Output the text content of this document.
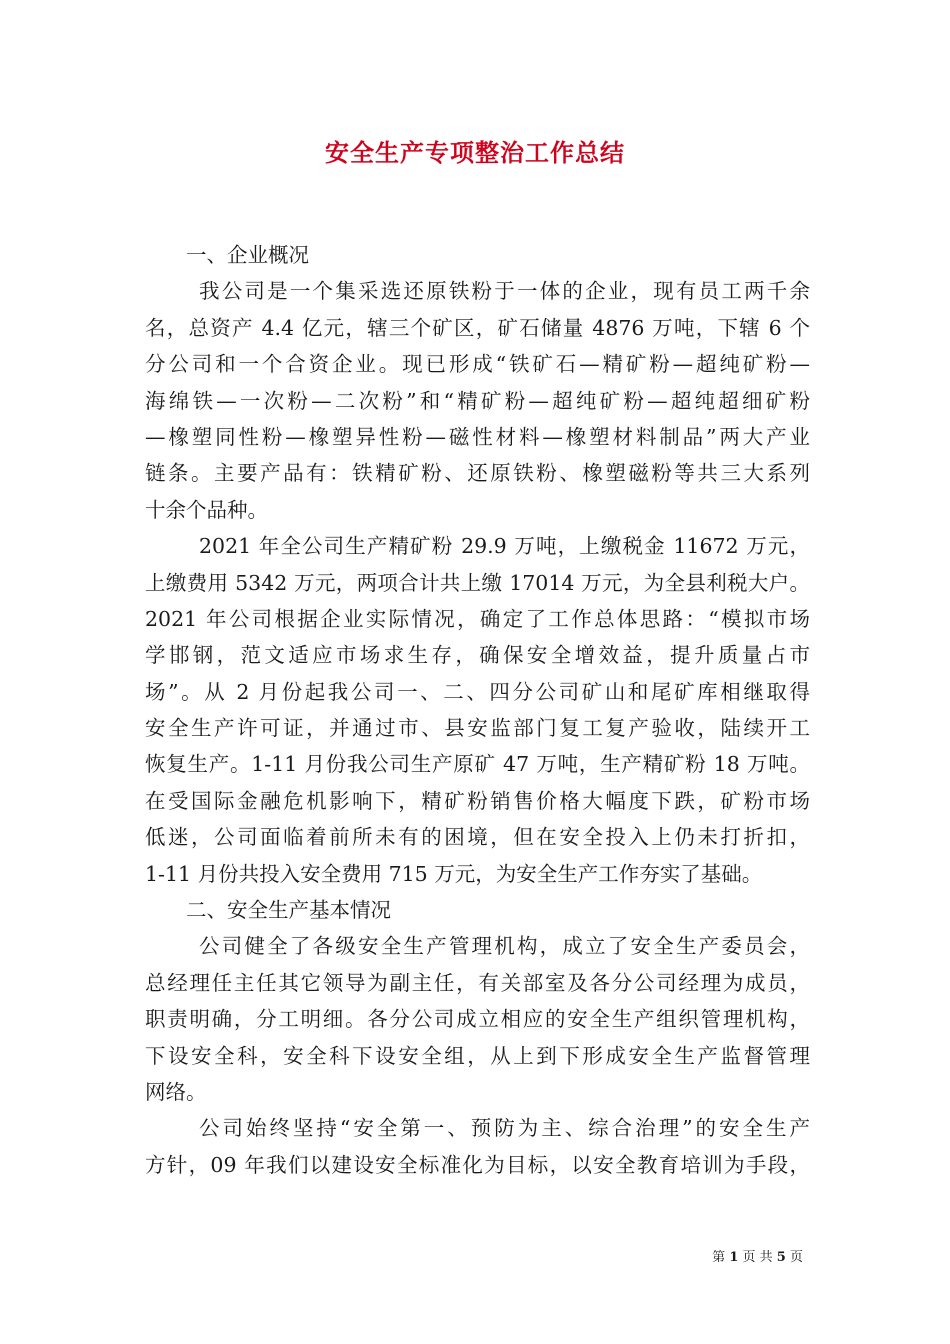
安全生产专项整治工作总结
一、企业概况
我公司是一个集采选还原铁粉于一体的企业，现有员工两千余
名，总资产 4.4 亿元，辖三个矿区，矿石储量 4876 万吨，下辖 6 个
分公司和一个合资企业。现已形成“铁矿石—精矿粉—超纯矿粉—
海绵铁—一次粉—二次粉”和“精矿粉—超纯矿粉—超纯超细矿粉
—橡塑同性粉—橡塑异性粉—磁性材料—橡塑材料制品”两大产业
链条。主要产品有：铁精矿粉、还原铁粉、橡塑磁粉等共三大系列
十余个品种。
2021 年全公司生产精矿粉 29.9 万吨，上缴税金 11672 万元，
上缴费用 5342 万元，两项合计共上缴 17014 万元，为全县利税大户。
2021 年公司根据企业实际情况，确定了工作总体思路：“模拟市场
学邯钢，范文适应市场求生存，确保安全增效益，提升质量占市
场”。从 2 月份起我公司一、二、四分公司矿山和尾矿库相继取得
安全生产许可证，并通过市、县安监部门复工复产验收，陆续开工
恢复生产。1-11 月份我公司生产原矿 47 万吨，生产精矿粉 18 万吨。
在受国际金融危机影响下，精矿粉销售价格大幅度下跌，矿粉市场
低迷，公司面临着前所未有的困境，但在安全投入上仍未打折扣，
1-11 月份共投入安全费用 715 万元，为安全生产工作夯实了基础。
二、安全生产基本情况
公司健全了各级安全生产管理机构，成立了安全生产委员会，
总经理任主任其它领导为副主任，有关部室及各分公司经理为成员，
职责明确，分工明细。各分公司成立相应的安全生产组织管理机构，
下设安全科，安全科下设安全组，从上到下形成安全生产监督管理
网络。
公司始终坚持“安全第一、预防为主、综合治理”的安全生产
方针，09 年我们以建设安全标准化为目标，以安全教育培训为手段，
第 1 页 共 5 页
